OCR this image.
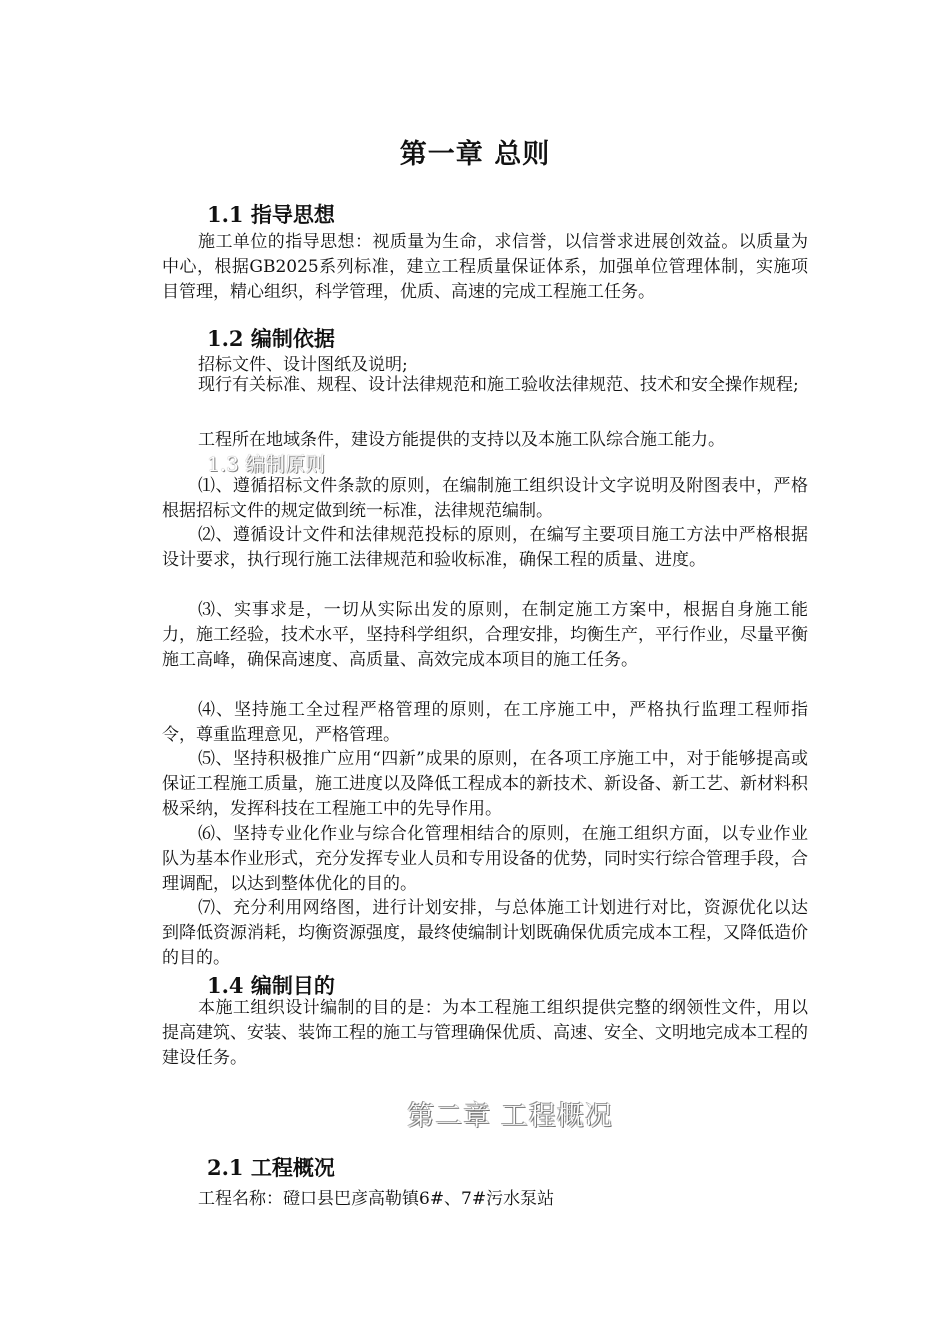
第一章 总则
1.1 指导思想
施工单位的指导思想：视质量为生命，求信誉，以信誉求进展创效益。以质量为中心，根据GB2025系列标准，建立工程质量保证体系，加强单位管理体制，实施项目管理，精心组织，科学管理，优质、高速的完成工程施工任务。
1.2 编制依据
招标文件、设计图纸及说明;
现行有关标准、规程、设计法律规范和施工验收法律规范、技术和安全操作规程;
工程所在地域条件，建设方能提供的支持以及本施工队综合施工能力。
1.3 编制原则
⑴、遵循招标文件条款的原则，在编制施工组织设计文字说明及附图表中，严格根据招标文件的规定做到统一标准，法律规范编制。
⑵、遵循设计文件和法律规范投标的原则，在编写主要项目施工方法中严格根据设计要求，执行现行施工法律规范和验收标准，确保工程的质量、进度。
⑶、实事求是，一切从实际出发的原则，在制定施工方案中，根据自身施工能力，施工经验，技术水平，坚持科学组织，合理安排，均衡生产，平行作业，尽量平衡施工高峰，确保高速度、高质量、高效完成本项目的施工任务。
⑷、坚持施工全过程严格管理的原则，在工序施工中，严格执行监理工程师指令，尊重监理意见，严格管理。
⑸、坚持积极推广应用“四新”成果的原则，在各项工序施工中，对于能够提高或保证工程施工质量，施工进度以及降低工程成本的新技术、新设备、新工艺、新材料积极采纳，发挥科技在工程施工中的先导作用。
⑹、坚持专业化作业与综合化管理相结合的原则，在施工组织方面，以专业作业队为基本作业形式，充分发挥专业人员和专用设备的优势，同时实行综合管理手段，合理调配，以达到整体优化的目的。
⑺、充分利用网络图，进行计划安排，与总体施工计划进行对比，资源优化以达到降低资源消耗，均衡资源强度，最终使编制计划既确保优质完成本工程，又降低造价的目的。
1.4 编制目的
本施工组织设计编制的目的是：为本工程施工组织提供完整的纲领性文件，用以提高建筑、安装、装饰工程的施工与管理确保优质、高速、安全、文明地完成本工程的建设任务。
第二章 工程概况
2.1 工程概况
工程名称：磴口县巴彦高勒镇6#、7#污水泵站
